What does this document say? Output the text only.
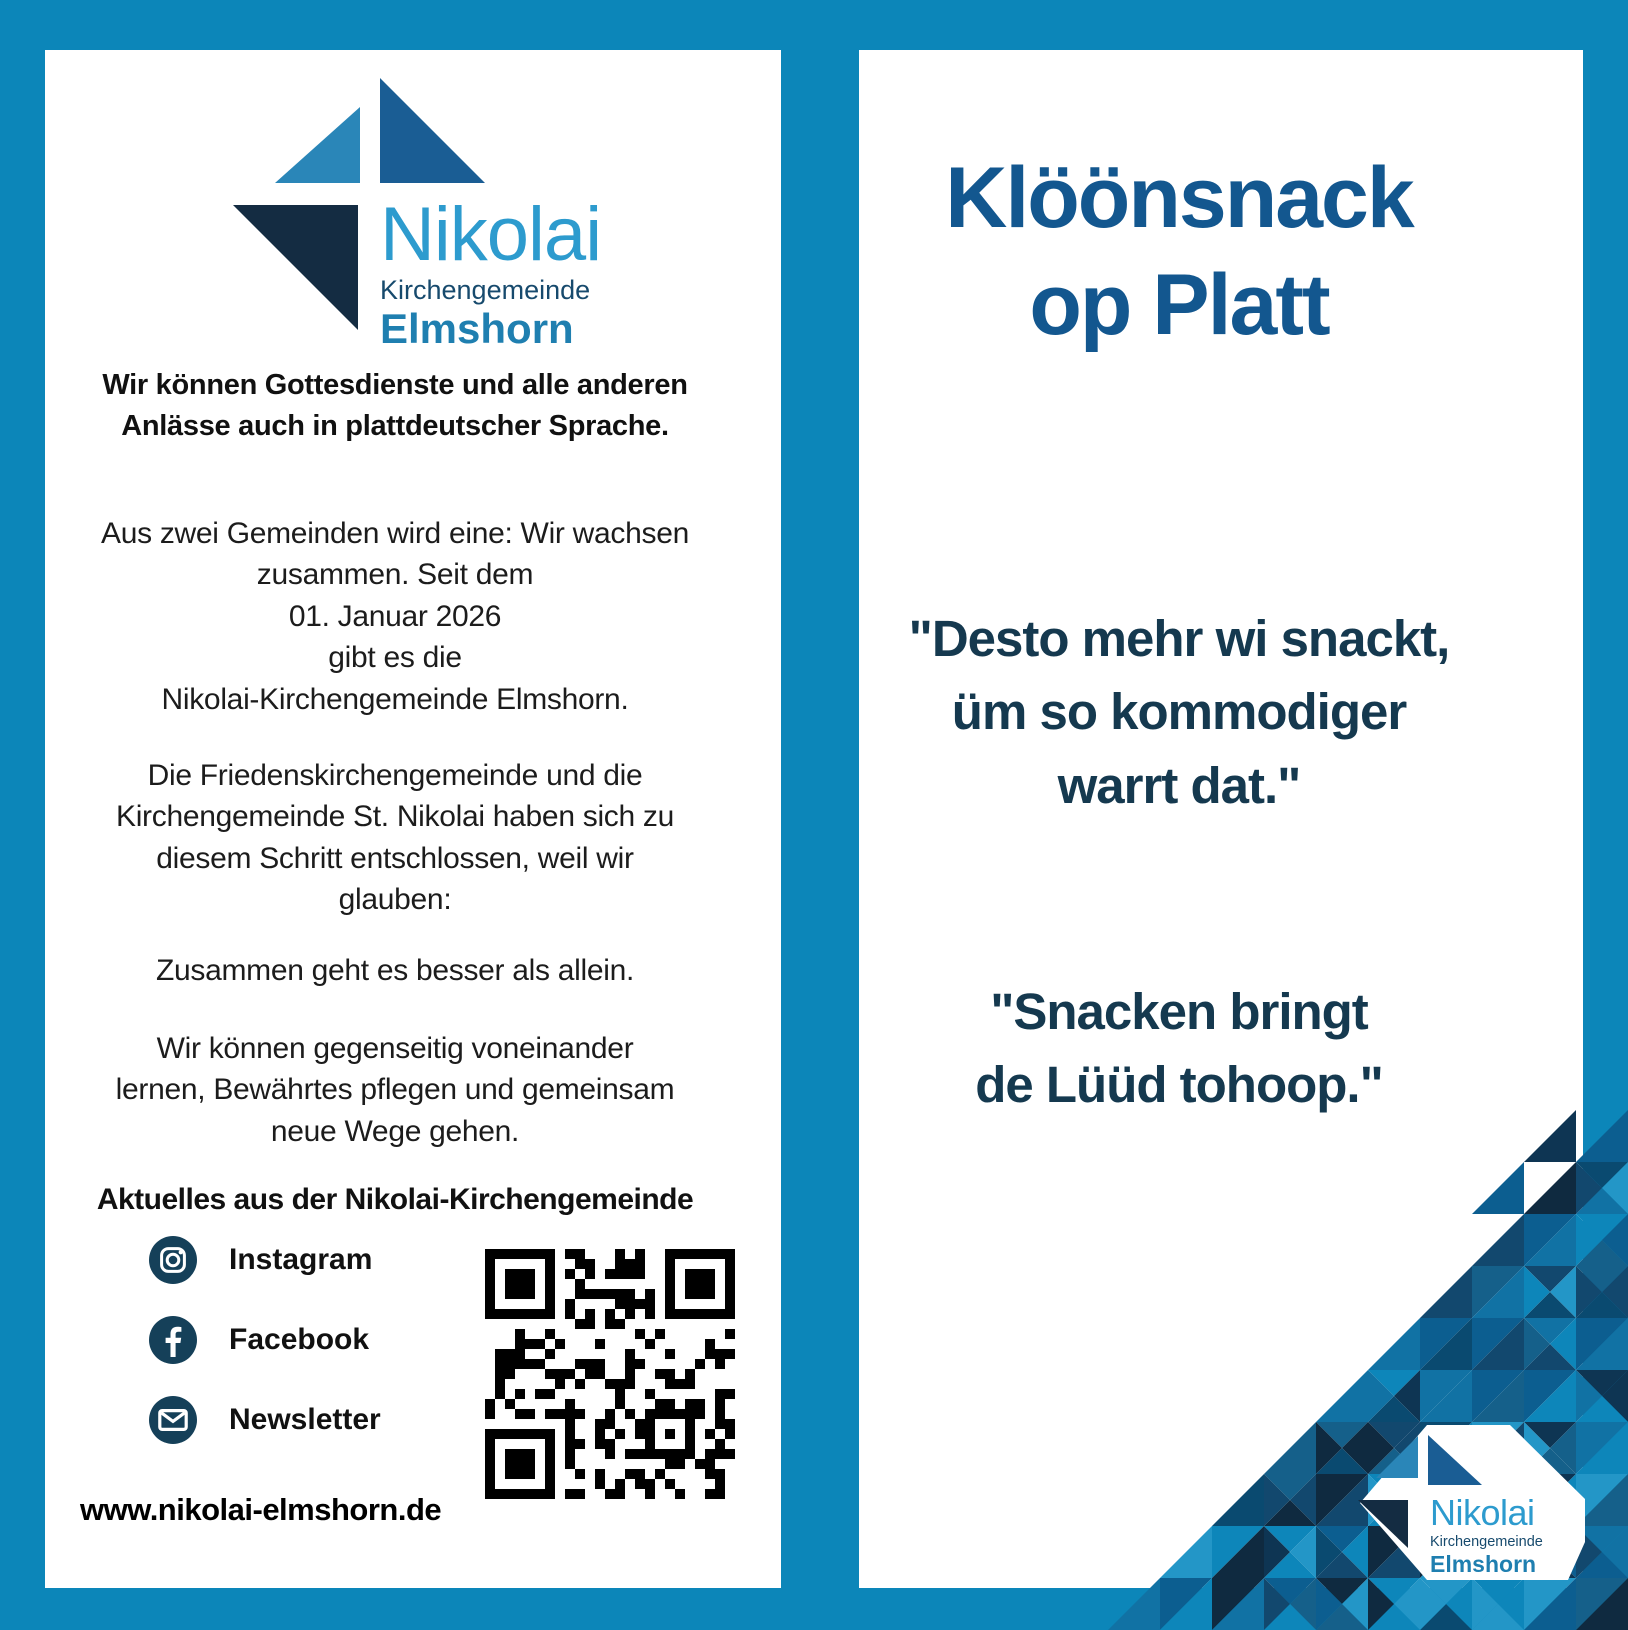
Nikolai
Kirchengemeinde
Elmshorn
Wir können Gottesdienste und alle anderen
Anlässe auch in plattdeutscher Sprache.
Aus zwei Gemeinden wird eine: Wir wachsen
zusammen. Seit dem
01. Januar 2026
gibt es die
Nikolai-Kirchengemeinde Elmshorn.
Die Friedenskirchengemeinde und die
Kirchengemeinde St. Nikolai haben sich zu
diesem Schritt entschlossen, weil wir
glauben:
Zusammen geht es besser als allein.
Wir können gegenseitig voneinander
lernen, Bewährtes pflegen und gemeinsam
neue Wege gehen.
Aktuelles aus der Nikolai-Kirchengemeinde
Instagram
Facebook
Newsletter
www.nikolai-elmshorn.de
Klöönsnack
op Platt
"Desto mehr wi snackt,
üm so kommodiger
warrt dat."
"Snacken bringt
de Lüüd tohoop."
Nikolai
Kirchengemeinde
Elmshorn
